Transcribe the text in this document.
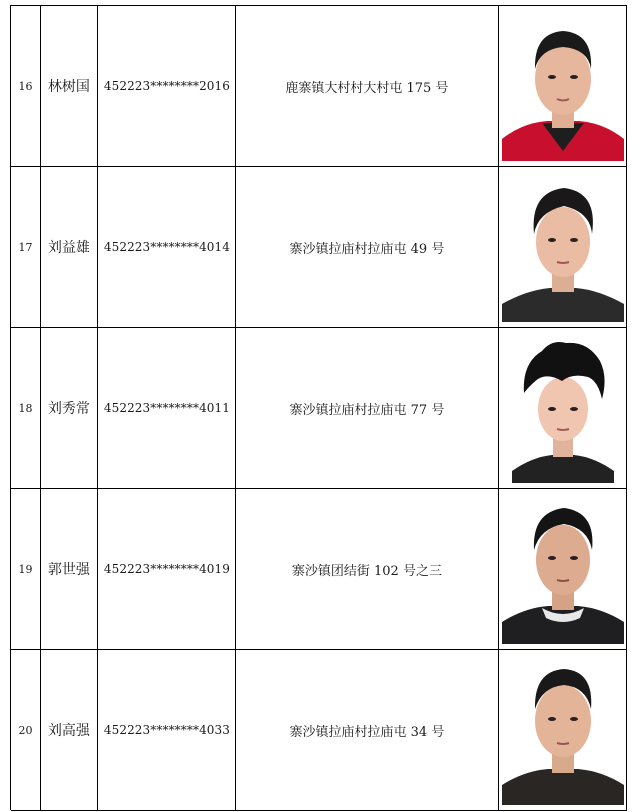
16	林树国	452223********2016	鹿寨镇大村村大村屯 175 号
17	刘益雄	452223********4014	寨沙镇拉庙村拉庙屯 49 号
18	刘秀常	452223********4011	寨沙镇拉庙村拉庙屯 77 号
19	郭世强	452223********4019	寨沙镇团结街 102 号之三
20	刘高强	452223********4033	寨沙镇拉庙村拉庙屯 34 号
